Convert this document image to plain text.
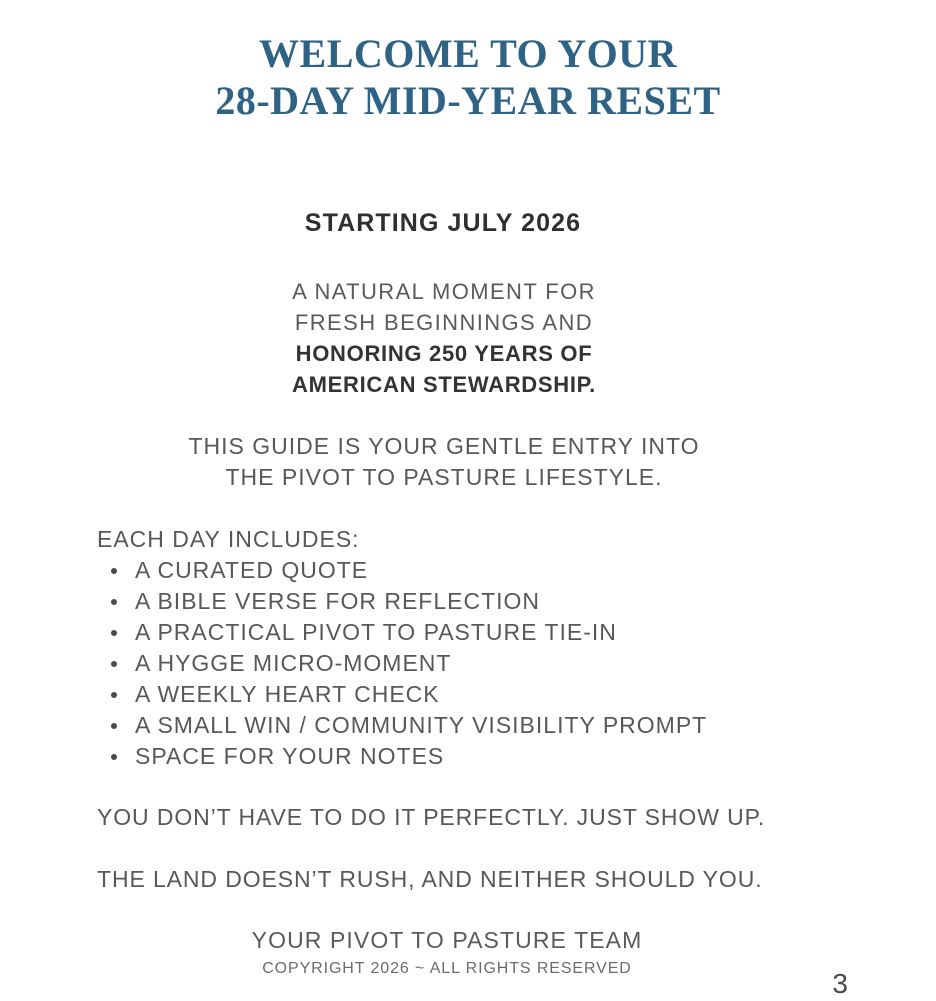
WELCOME TO YOUR
28-DAY MID-YEAR RESET
STARTING JULY 2026
A NATURAL MOMENT FOR
FRESH BEGINNINGS AND
HONORING 250 YEARS OF
AMERICAN STEWARDSHIP.
THIS GUIDE IS YOUR GENTLE ENTRY INTO
THE PIVOT TO PASTURE LIFESTYLE.
EACH DAY INCLUDES:
A CURATED QUOTE
A BIBLE VERSE FOR REFLECTION
A PRACTICAL PIVOT TO PASTURE TIE-IN
A HYGGE MICRO-MOMENT
A WEEKLY HEART CHECK
A SMALL WIN / COMMUNITY VISIBILITY PROMPT
SPACE FOR YOUR NOTES
YOU DON’T HAVE TO DO IT PERFECTLY. JUST SHOW UP.
THE LAND DOESN’T RUSH, AND NEITHER SHOULD YOU.
YOUR PIVOT TO PASTURE TEAM
COPYRIGHT 2026 ~ ALL RIGHTS RESERVED	3
